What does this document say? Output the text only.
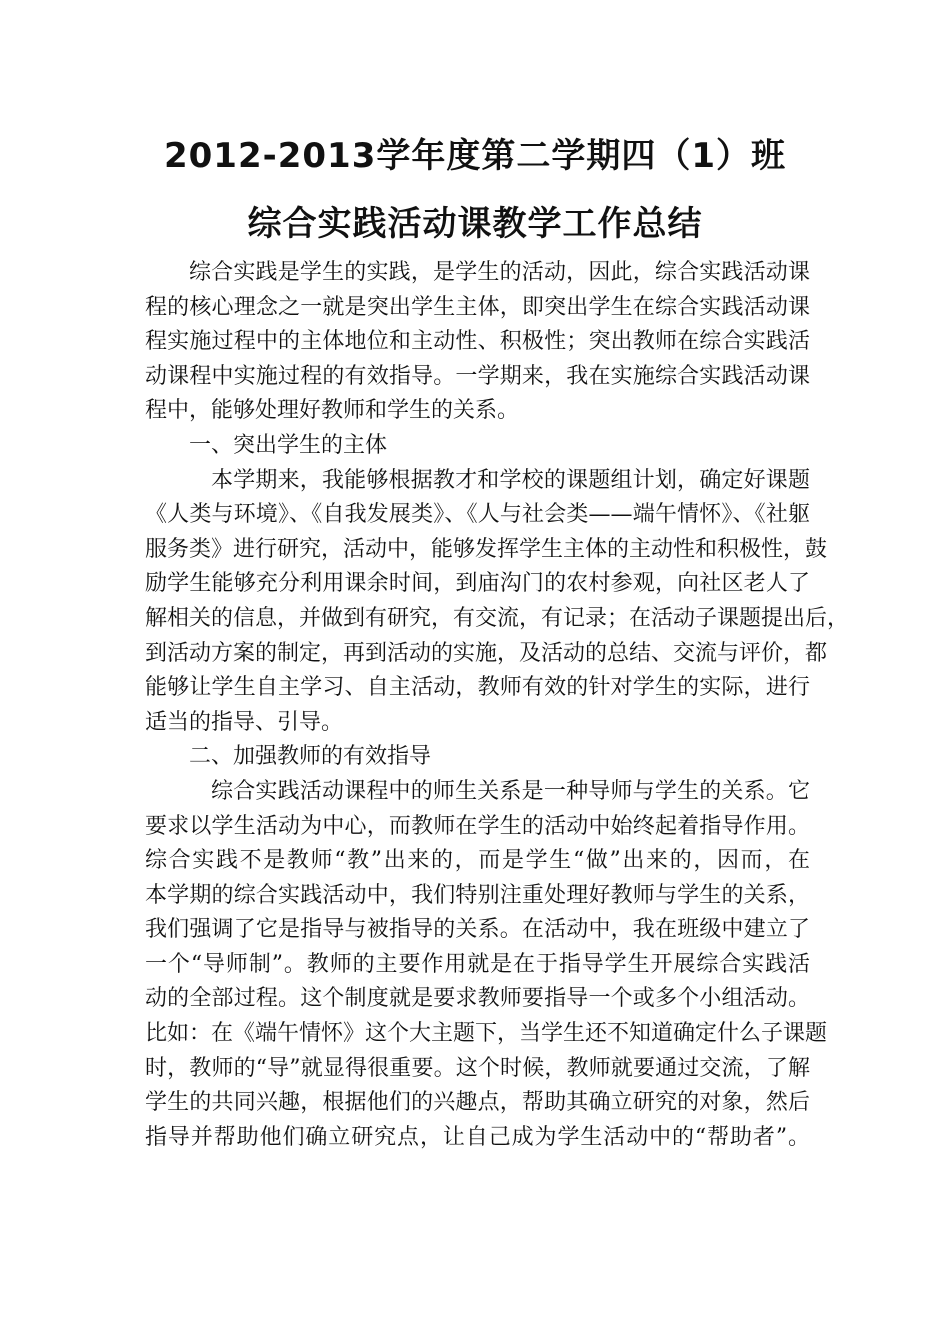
2012-2013学年度第二学期四（1）班
综合实践活动课教学工作总结
综合实践是学生的实践，是学生的活动，因此，综合实践活动课
程的核心理念之一就是突出学生主体，即突出学生在综合实践活动课
程实施过程中的主体地位和主动性、积极性；突出教师在综合实践活
动课程中实施过程的有效指导。一学期来，我在实施综合实践活动课
程中，能够处理好教师和学生的关系。
一、突出学生的主体
本学期来，我能够根据教才和学校的课题组计划，确定好课题
《人类与环境》、《自我发展类》、《人与社会类——端午情怀》、《社躯
服务类》进行研究，活动中，能够发挥学生主体的主动性和积极性，鼓
励学生能够充分利用课余时间，到庙沟门的农村参观，向社区老人了
解相关的信息，并做到有研究，有交流，有记录；在活动子课题提出后，
到活动方案的制定，再到活动的实施，及活动的总结、交流与评价，都
能够让学生自主学习、自主活动，教师有效的针对学生的实际，进行
适当的指导、引导。
二、加强教师的有效指导
综合实践活动课程中的师生关系是一种导师与学生的关系。它
要求以学生活动为中心，而教师在学生的活动中始终起着指导作用。
综合实践不是教师“教”出来的，而是学生“做”出来的，因而，在
本学期的综合实践活动中，我们特别注重处理好教师与学生的关系，
我们强调了它是指导与被指导的关系。在活动中，我在班级中建立了
一个“导师制”。教师的主要作用就是在于指导学生开展综合实践活
动的全部过程。这个制度就是要求教师要指导一个或多个小组活动。
比如：在《端午情怀》这个大主题下，当学生还不知道确定什么子课题
时，教师的“导”就显得很重要。这个时候，教师就要通过交流，了解
学生的共同兴趣，根据他们的兴趣点，帮助其确立研究的对象，然后
指导并帮助他们确立研究点，让自己成为学生活动中的“帮助者”。
